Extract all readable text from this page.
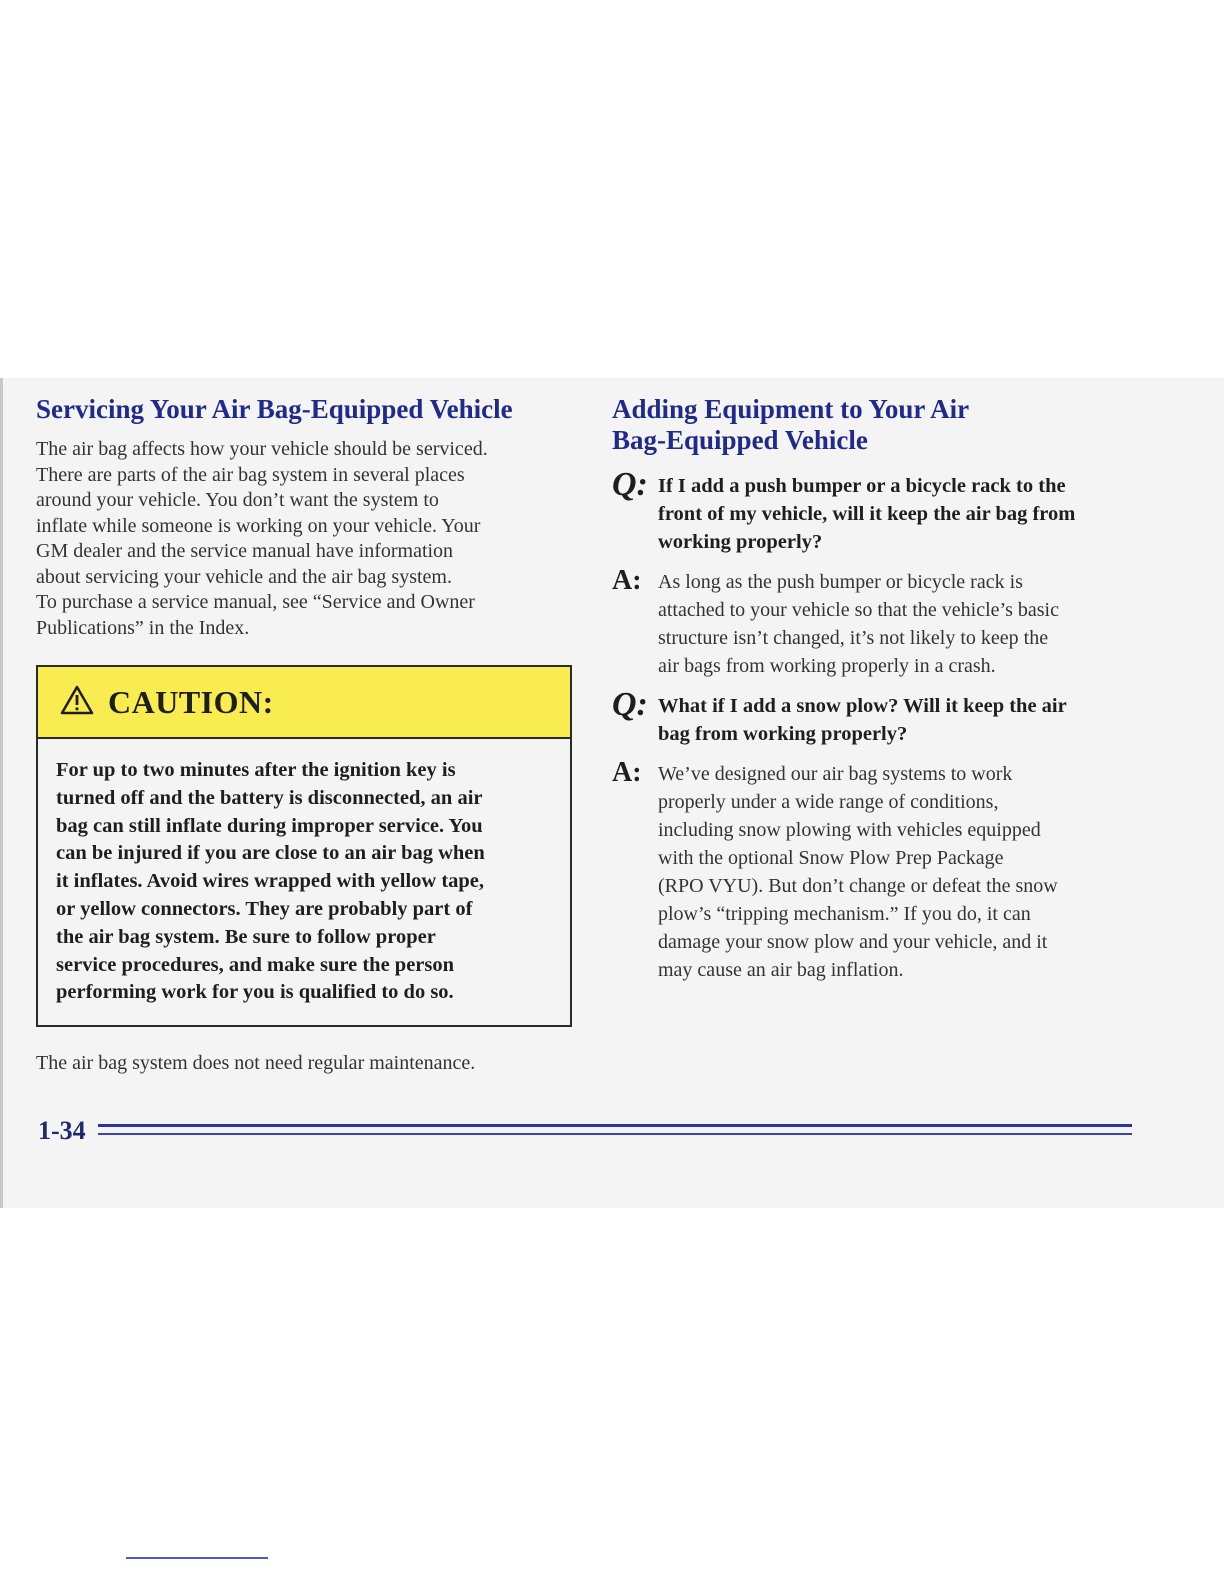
Servicing Your Air Bag-Equipped Vehicle
The air bag affects how your vehicle should be serviced.
There are parts of the air bag system in several places
around your vehicle. You don’t want the system to
inflate while someone is working on your vehicle. Your
GM dealer and the service manual have information
about servicing your vehicle and the air bag system.
To purchase a service manual, see “Service and Owner
Publications” in the Index.
CAUTION:
For up to two minutes after the ignition key is
turned off and the battery is disconnected, an air
bag can still inflate during improper service. You
can be injured if you are close to an air bag when
it inflates. Avoid wires wrapped with yellow tape,
or yellow connectors. They are probably part of
the air bag system. Be sure to follow proper
service procedures, and make sure the person
performing work for you is qualified to do so.
The air bag system does not need regular maintenance.
Adding Equipment to Your Air
Bag-Equipped Vehicle
Q: If I add a push bumper or a bicycle rack to the
front of my vehicle, will it keep the air bag from
working properly?
A: As long as the push bumper or bicycle rack is
attached to your vehicle so that the vehicle’s basic
structure isn’t changed, it’s not likely to keep the
air bags from working properly in a crash.
Q: What if I add a snow plow? Will it keep the air
bag from working properly?
A: We’ve designed our air bag systems to work
properly under a wide range of conditions,
including snow plowing with vehicles equipped
with the optional Snow Plow Prep Package
(RPO VYU). But don’t change or defeat the snow
plow’s “tripping mechanism.” If you do, it can
damage your snow plow and your vehicle, and it
may cause an air bag inflation.
1-34
